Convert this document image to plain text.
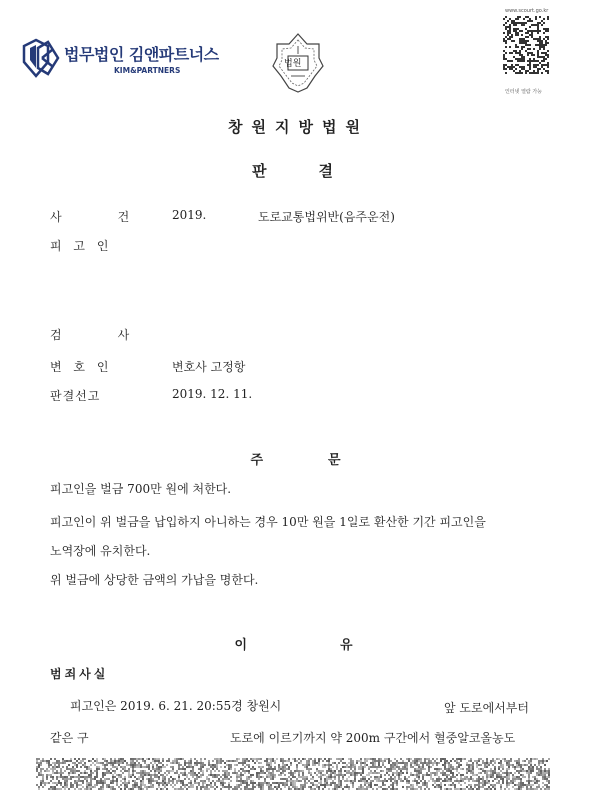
법무법인 김앤파트너스
KIM&PARTNERS
법원
www.scourt.go.kr
인터넷 열람 가능
창원지방법원
판결
사　건 2019.	도로교통법위반(음주운전)
피 고 인
검　사
변 호 인	변호사 고정항
판결선고	2019. 12. 11.
주　문
피고인을 벌금 700만 원에 처한다.
피고인이 위 벌금을 납입하지 아니하는 경우 10만 원을 1일로 환산한 기간 피고인을
노역장에 유치한다.
위 벌금에 상당한 금액의 가납을 명한다.
이　유
범죄사실
피고인은 2019. 6. 21. 20:55경 창원시	앞 도로에서부터
같은 구	도로에 이르기까지 약 200m 구간에서 혈중알코올농도
